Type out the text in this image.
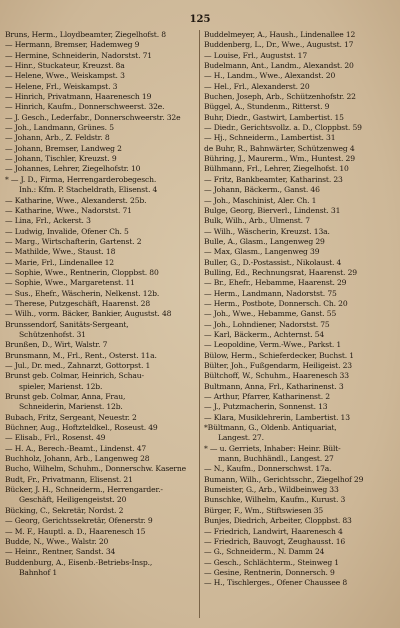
125
Bruns, Herm., Lloydbeamter, Ziegelhofst. 8
— Hermann, Bremser, Hademweg 9
— Hermine, Schneiderin, Nadorstst. 71
— Hinr., Stuckateur, Kreuzst. 8a
— Helene, Wwe., Weiskampst. 3
— Helene, Frl., Weiskampst. 3
— Hinrich, Privatmann, Haarenesch 19
— Hinrich, Kaufm., Donnerschweerst. 32e.
— J. Gesch., Lederfabr., Donnerschweerstr. 32e
— Joh., Landmann, Grünes. 5
— Johann, Arb., Z. Feldstr. 8
— Johann, Bremser, Landweg 2
— Johann, Tischler, Kreuzst. 9
— Johannes, Lehrer, Ziegelhofstr. 10
* — J. D., Firma, Herrengarderobegesch.
Inh.: Kfm. P. Stacheldrath, Elisenst. 4
— Katharine, Wwe., Alexanderst. 25b.
— Katharine, Wwe., Nadorstst. 71
— Lina, Frl., Ackerst. 3
— Ludwig, Invalide, Ofener Ch. 5
— Marg., Wirtschafterin, Gartenst. 2
— Mathilde, Wwe., Staust. 18
— Marie, Frl., Lindenallee 12
— Sophie, Wwe., Rentnerin, Cloppbst. 80
— Sophie, Wwe., Margaretenst. 11
— Sus., Ehefr., Wäscherin, Nelkenst. 12b.
— Therese, Putzgeschäft, Haarenst. 28
— Wilh., vorm. Bäcker, Bankier, Augustst. 48
Brunssendorf, Sanitäts-Sergeant,
Schützenhofst. 31
Brunßen, D., Wirt, Walstr. 7
Brunsmann, M., Frl., Rent., Osterst. 11a.
— Jul., Dr. med., Zahnarzt, Gottorpst. 1
Brunst geb. Colmar, Heinrich, Schau-
spieler, Marienst. 12b.
Brunst geb. Colmar, Anna, Frau,
Schneiderin, Marienst. 12b.
Bubach, Fritz, Sergeant, Neuestr. 2
Büchner, Aug., Hoftzteldkel., Roseust. 49
— Elisab., Frl., Rosenst. 49
— H. A., Berech.-Beamt., Lindenst. 47
Buchholz, Johann, Arb., Langenweg 28
Bucho, Wilhelm, Schuhm., Donnerschw. Kaserne
Budt, Fr., Privatmann, Elisenst. 21
Bücker, J. H., Schneiderm., Herrengarder.-
Geschäft, Heiligengeistst. 20
Bücking, C., Sekretär, Nordst. 2
— Georg, Gerichtssekretär, Ofenerstr. 9
— M. F., Hauptl. a. D., Haarenesch 15
Budde, N., Wwe., Walstr. 20
— Heinr., Rentner, Sandst. 34
Buddenburg, A., Eisenb.-Betriebs-Insp.,
Bahnhof 1
Buddelmeyer, A., Haush., Lindenallee 12
Buddenberg, L., Dr., Wwe., Augustst. 17
— Louise, Frl., Augustst. 17
Budelmann, Ant., Landm., Alexandst. 20
— H., Landm., Wwe., Alexandst. 20
— Hel., Frl., Alexanderst. 20
Buchen, Joseph, Arb., Schützenhofstr. 22
Büggel, A., Stundenm., Ritterst. 9
Buhr, Diedr., Gastwirt, Lambertist. 15
— Diedr., Gerichtsvollz. a. D., Cloppbst. 59
— Hj., Schneiderm., Lambertist. 31
de Buhr, R., Bahnwärter, Schützenweg 4
Bühring, J., Maurerm., Wm., Huntest. 29
Bülhmann, Frl., Lehrer, Ziegelhofst. 10
— Fritz, Bankbeamter, Katharinst. 23
— Johann, Bäckerm., Ganst. 46
— Joh., Maschinist, Aler. Ch. 1
Bulge, Georg, Bierverl., Lindenst. 31
Bulk, Wilh., Arb., Ulmenst. 7
— Wilh., Wäscherin, Kreuzst. 13a.
Bulle, A., Glasm., Langenweg 29
— Max, Glasm., Langenweg 39
Buller, G., D.-Postassist., Nikolaust. 4
Bulling, Ed., Rechnungsrat, Haarenst. 29
— Br., Ehefr., Hebamme, Haarenst. 29
— Herm., Landmann, Nadorstst. 75
— Herm., Postbote, Donnersch. Ch. 20
— Joh., Wwe., Hebamme, Ganst. 55
— Joh., Lohndiener, Nadorstst. 75
— Karl, Bäckerm., Achternst. 54
— Leopoldine, Verm.-Wwe., Parkst. 1
Bülow, Herm., Schieferdecker, Buchst. 1
Bülter, Joh., Fußgendarm, Heiligeist. 23
Bültchoff, W., Schuhm., Haarenesch 33
Bultmann, Anna, Frl., Katharinenst. 3
— Arthur, Pfarrer, Katharinenst. 2
— J., Putzmacherin, Sonnenst. 13
— Klara, Musiklehrerin, Lambertist. 13
*Bültmann, G., Oldenb. Antiquariat,
Langest. 27.
* — u. Gerriets, Inhaber: Heinr. Bült-
mann, Buchhändl., Langest. 27
— N., Kaufm., Donnerschwst. 17a.
Bumann, Wilh., Gerichtsschr., Ziegelhof 29
Bumeister, G., Arb., Wildbeinweg 33
Bunschke, Wilhelm, Kaufm., Kurust. 3
Bürger, F., Wm., Stiftswiesen 35
Bunjes, Diedrich, Arbeiter, Cloppbst. 83
— Friedrich, Landwirt, Haarenesch 4
— Friedrich, Bauvogt, Zeughausst. 16
— G., Schneiderm., N. Damm 24
— Gesch., Schlächterm., Steinweg 1
— Gesine, Rentnerin, Donnersch. 9
— H., Tischlerges., Ofener Chaussee 8
